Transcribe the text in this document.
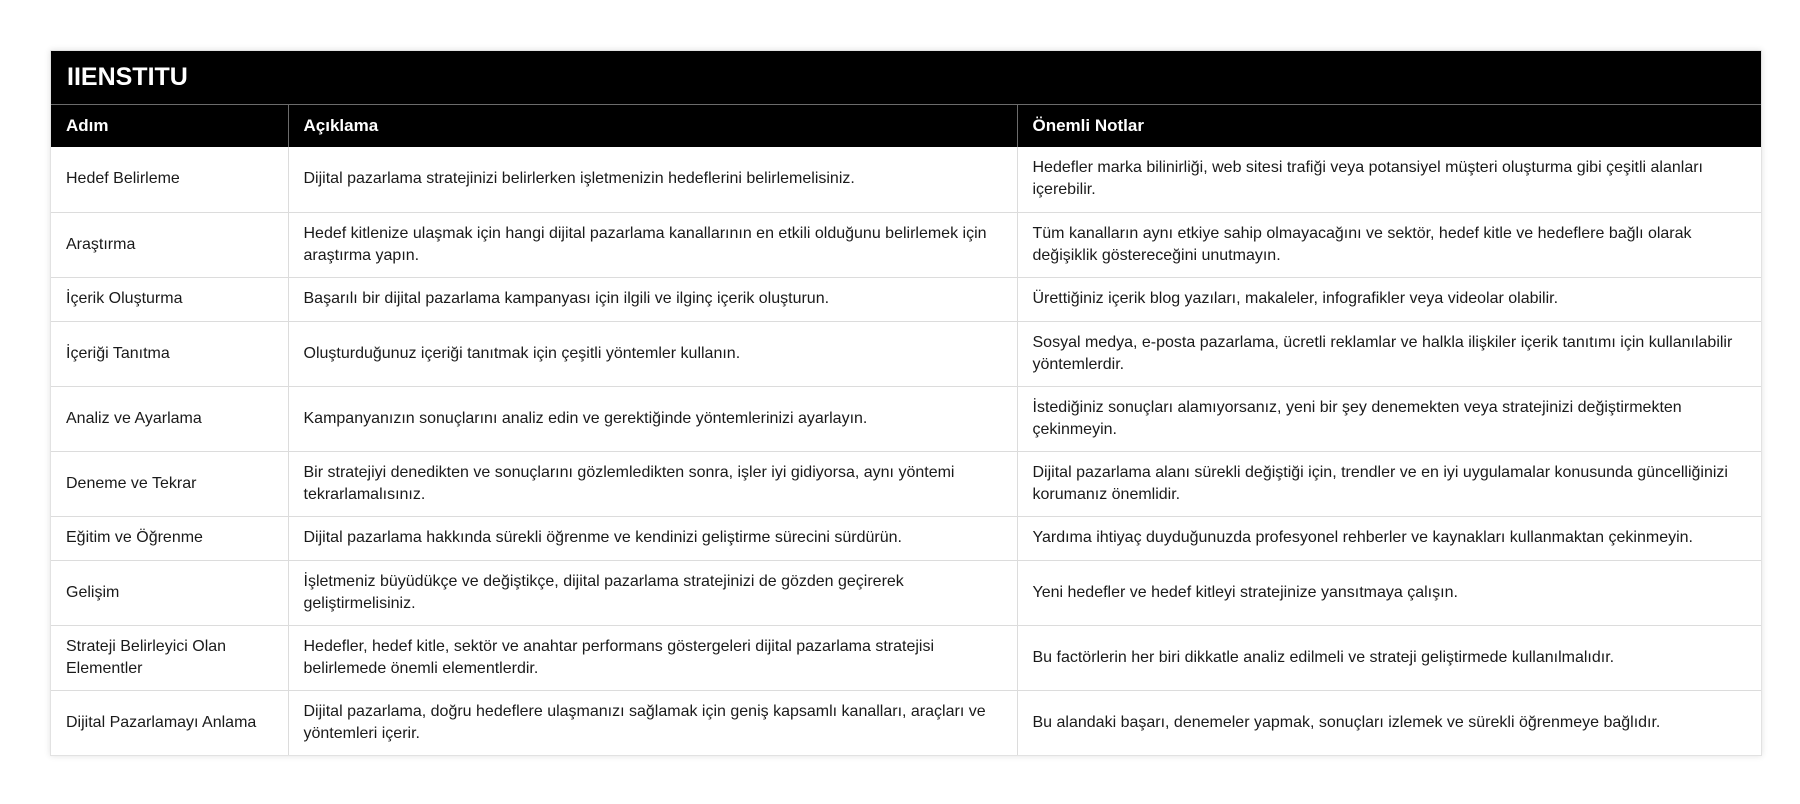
IIENSTITU
Adım	Açıklama	Önemli Notlar
Hedef Belirleme	Dijital pazarlama stratejinizi belirlerken işletmenizin hedeflerini belirlemelisiniz.	Hedefler marka bilinirliği, web sitesi trafiği veya potansiyel müşteri oluşturma gibi çeşitli alanları içerebilir.
Araştırma	Hedef kitlenize ulaşmak için hangi dijital pazarlama kanallarının en etkili olduğunu belirlemek için araştırma yapın.	Tüm kanalların aynı etkiye sahip olmayacağını ve sektör, hedef kitle ve hedeflere bağlı olarak değişiklik göstereceğini unutmayın.
İçerik Oluşturma	Başarılı bir dijital pazarlama kampanyası için ilgili ve ilginç içerik oluşturun.	Ürettiğiniz içerik blog yazıları, makaleler, infografikler veya videolar olabilir.
İçeriği Tanıtma	Oluşturduğunuz içeriği tanıtmak için çeşitli yöntemler kullanın.	Sosyal medya, e-posta pazarlama, ücretli reklamlar ve halkla ilişkiler içerik tanıtımı için kullanılabilir yöntemlerdir.
Analiz ve Ayarlama	Kampanyanızın sonuçlarını analiz edin ve gerektiğinde yöntemlerinizi ayarlayın.	İstediğiniz sonuçları alamıyorsanız, yeni bir şey denemekten veya stratejinizi değiştirmekten çekinmeyin.
Deneme ve Tekrar	Bir stratejiyi denedikten ve sonuçlarını gözlemledikten sonra, işler iyi gidiyorsa, aynı yöntemi tekrarlamalısınız.	Dijital pazarlama alanı sürekli değiştiği için, trendler ve en iyi uygulamalar konusunda güncelliğinizi korumanız önemlidir.
Eğitim ve Öğrenme	Dijital pazarlama hakkında sürekli öğrenme ve kendinizi geliştirme sürecini sürdürün.	Yardıma ihtiyaç duyduğunuzda profesyonel rehberler ve kaynakları kullanmaktan çekinmeyin.
Gelişim	İşletmeniz büyüdükçe ve değiştikçe, dijital pazarlama stratejinizi de gözden geçirerek geliştirmelisiniz.	Yeni hedefler ve hedef kitleyi stratejinize yansıtmaya çalışın.
Strateji Belirleyici Olan Elementler	Hedefler, hedef kitle, sektör ve anahtar performans göstergeleri dijital pazarlama stratejisi belirlemede önemli elementlerdir.	Bu factörlerin her biri dikkatle analiz edilmeli ve strateji geliştirmede kullanılmalıdır.
Dijital Pazarlamayı Anlama	Dijital pazarlama, doğru hedeflere ulaşmanızı sağlamak için geniş kapsamlı kanalları, araçları ve yöntemleri içerir.	Bu alandaki başarı, denemeler yapmak, sonuçları izlemek ve sürekli öğrenmeye bağlıdır.
